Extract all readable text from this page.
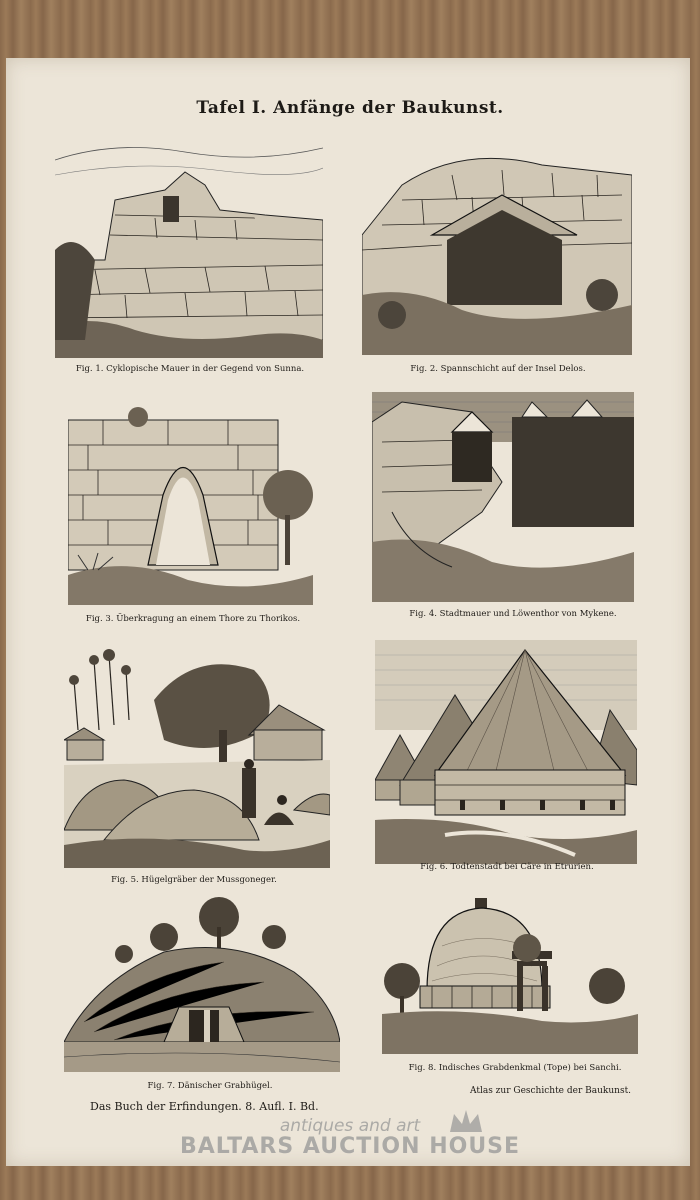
Tafel I. Anfänge der Baukunst.
Fig. 1. Cyklopische Mauer in der Gegend von Sunna.	Fig. 2. Spannschicht auf der Insel Delos.
Fig. 3. Überkragung an einem Thore zu Thorikos.	Fig. 4. Stadtmauer und Löwenthor von Mykene.
Fig. 5. Hügelgräber der Mussgoneger.
Fig. 6. Todtenstadt bei Cäre in Etrurien.
Fig. 7. Dänischer Grabhügel.
Fig. 8. Indisches Grabdenkmal (Tope) bei Sanchi.
Das Buch der Erfindungen. 8. Aufl. I. Bd.
Atlas zur Geschichte der Baukunst.
antiques and art
BALTARS AUCTION HOUSE
